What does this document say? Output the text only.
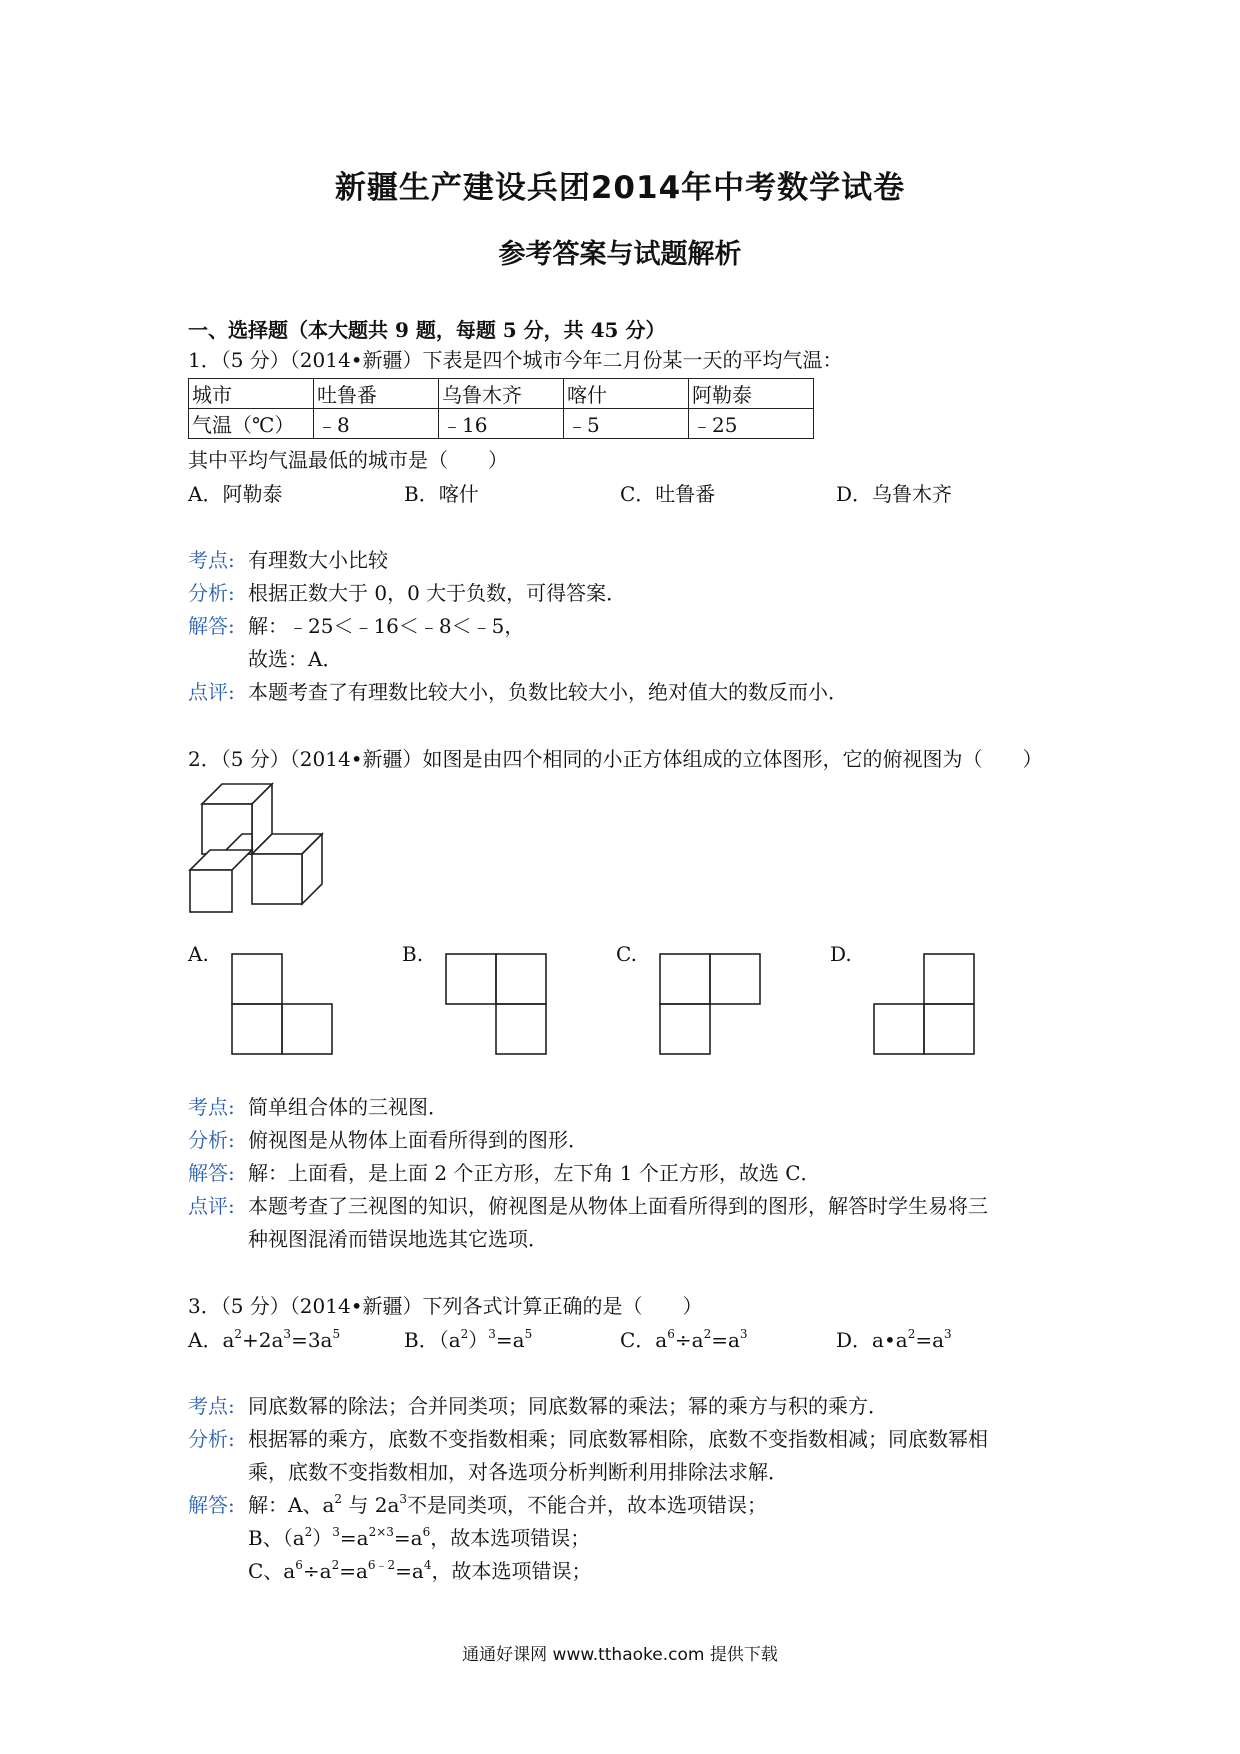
新疆生产建设兵团2014年中考数学试卷
参考答案与试题解析
一、选择题（本大题共 9 题，每题 5 分，共 45 分）
1．（5 分）（2014•新疆）下表是四个城市今年二月份某一天的平均气温：
城市	吐鲁番	乌鲁木齐	喀什	阿勒泰
气温（℃）	﹣8	﹣16	﹣5	﹣25
其中平均气温最低的城市是（　　）
A．阿勒泰	B．喀什	C．吐鲁番	D．乌鲁木齐
考点: 有理数大小比较
分析: 根据正数大于 0，0 大于负数，可得答案．
解答: 解：﹣25＜﹣16＜﹣8＜﹣5，
故选：A．
点评: 本题考查了有理数比较大小，负数比较大小，绝对值大的数反而小．
2．（5 分）（2014•新疆）如图是由四个相同的小正方体组成的立体图形，它的俯视图为（　　）
A.	B.	C.	D.
考点: 简单组合体的三视图．
分析: 俯视图是从物体上面看所得到的图形．
解答: 解：上面看，是上面 2 个正方形，左下角 1 个正方形，故选 C．
点评: 本题考查了三视图的知识，俯视图是从物体上面看所得到的图形，解答时学生易将三
种视图混淆而错误地选其它选项．
3．（5 分）（2014•新疆）下列各式计算正确的是（　　）
A．$a^2+2a^3=3a^5$	B．$(a^2)^3=a^5$	C．$a^6\div a^2=a^3$	D．$a•a^2=a^3$
考点: 同底数幂的除法；合并同类项；同底数幂的乘法；幂的乘方与积的乘方．
分析: 根据幂的乘方，底数不变指数相乘；同底数幂相除，底数不变指数相减；同底数幂相
乘，底数不变指数相加，对各选项分析判断利用排除法求解．
解答: 解：A、$a^2$ 与 $2a^3$不是同类项，不能合并，故本选项错误；
B、$(a^2)^3=a^{2\times 3}=a^6$，故本选项错误；
C、$a^6\div a^2=a^{6﹣2}=a^4$，故本选项错误；
通通好课网 www.tthaoke.com 提供下载
